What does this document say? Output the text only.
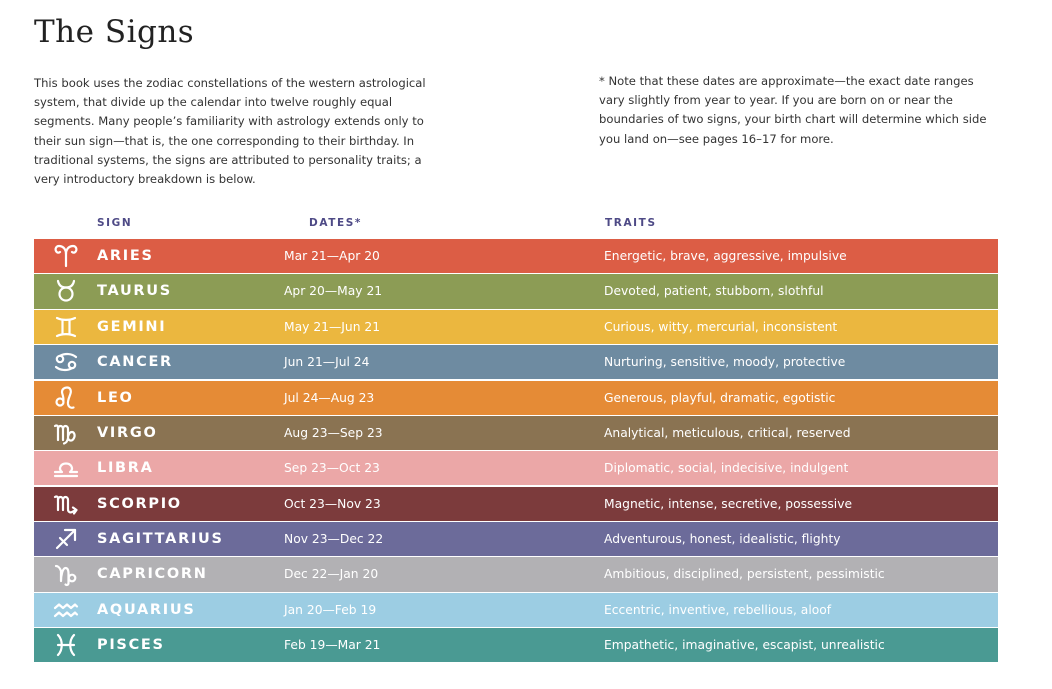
The Signs

This book uses the zodiac constellations of the western astrological system, that divide up the calendar into twelve roughly equal segments. Many people’s familiarity with astrology extends only to their sun sign—that is, the one corresponding to their birthday. In traditional systems, the signs are attributed to personality traits; a very introductory breakdown is below.

* Note that these dates are approximate—the exact date ranges vary slightly from year to year. If you are born on or near the boundaries of two signs, your birth chart will determine which side you land on—see pages 16–17 for more.

SIGN	DATES*	TRAITS
ARIES	Mar 21—Apr 20	Energetic, brave, aggressive, impulsive
TAURUS	Apr 20—May 21	Devoted, patient, stubborn, slothful
GEMINI	May 21—Jun 21	Curious, witty, mercurial, inconsistent
CANCER	Jun 21—Jul 24	Nurturing, sensitive, moody, protective
LEO	Jul 24—Aug 23	Generous, playful, dramatic, egotistic
VIRGO	Aug 23—Sep 23	Analytical, meticulous, critical, reserved
LIBRA	Sep 23—Oct 23	Diplomatic, social, indecisive, indulgent
SCORPIO	Oct 23—Nov 23	Magnetic, intense, secretive, possessive
SAGITTARIUS	Nov 23—Dec 22	Adventurous, honest, idealistic, flighty
CAPRICORN	Dec 22—Jan 20	Ambitious, disciplined, persistent, pessimistic
AQUARIUS	Jan 20—Feb 19	Eccentric, inventive, rebellious, aloof
PISCES	Feb 19—Mar 21	Empathetic, imaginative, escapist, unrealistic
